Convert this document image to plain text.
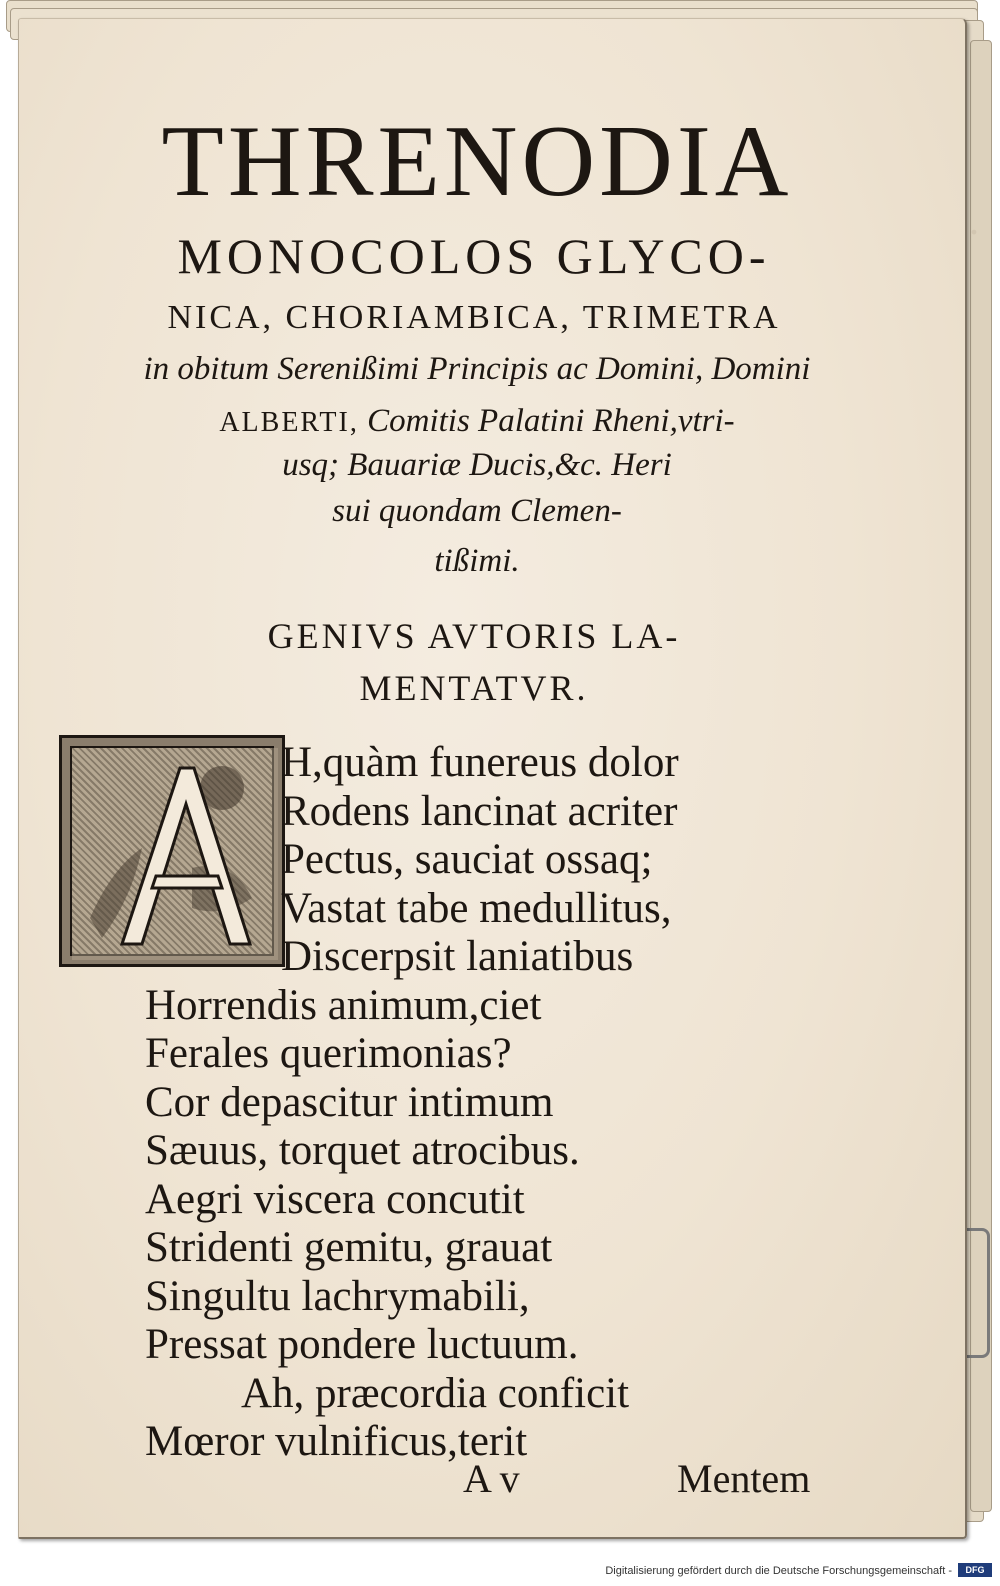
.
THRENODIA
MONOCOLOS GLYCO-
NICA, CHORIAMBICA, TRIMETRA
in obitum Serenißimi Principis ac Domini, Domini
ALBERTI, Comitis Palatini Rheni,vtri-
usq; Bauariæ Ducis,&c. Heri
sui quondam Clemen-
tißimi.
GENIVS AVTORIS LA-
MENTATVR.
A v	Mentem
H,quàm funereus dolor
Rodens lancinat acriter
Pectus, sauciat ossaq;
Vastat tabe medullitus,
Discerpsit laniatibus
Horrendis animum,ciet
Ferales querimonias?
Cor depascitur intimum
Sæuus, torquet atrocibus.
Aegri viscera concutit
Stridenti gemitu, grauat
Singultu lachrymabili,
Pressat pondere luctuum.
Ah, præcordia conficit
Mœror vulnificus,terit
Digitalisierung gefördert durch die Deutsche Forschungsgemeinschaft -	DFG
